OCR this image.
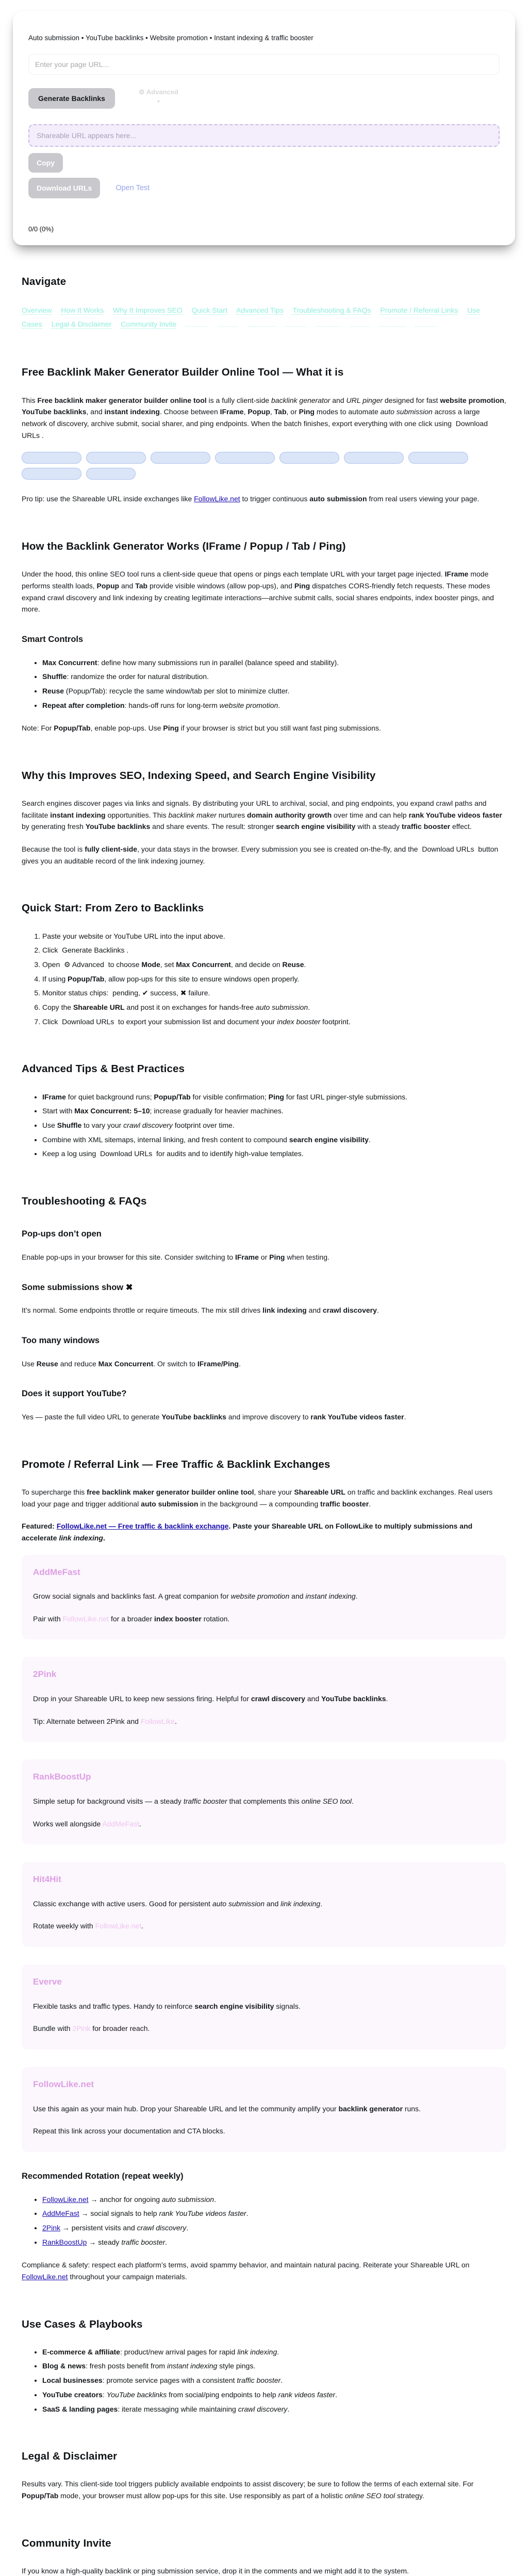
Auto submission • YouTube backlinks • Website promotion • Instant indexing & traffic booster

Enter your page URL...
Generate Backlinks
⚙ Advanced
▼
Shareable URL appears here...
Copy
Download URLs	Open Test
0/0 (0%)
Navigate
Overview How It Works Why It Improves SEO Quick Start Advanced Tips Troubleshooting & FAQs Promote / Referral Links Use Cases Legal & Disclaimer Community Invite
Free Backlink Maker Generator Builder Online Tool — What it is

This Free backlink maker generator builder online tool is a fully client-side backlink generator and URL pinger designed for fast website promotion, YouTube backlinks, and instant indexing. Choose between IFrame, Popup, Tab, or Ping modes to automate auto submission across a large network of discovery, archive submit, social sharer, and ping endpoints. When the batch finishes, export everything with one click using  Download URLs .

Pro tip: use the Shareable URL inside exchanges like FollowLike.net to trigger continuous auto submission from real users viewing your page.

How the Backlink Generator Works (IFrame / Popup / Tab / Ping)

Under the hood, this online SEO tool runs a client-side queue that opens or pings each template URL with your target page injected. IFrame mode performs stealth loads, Popup and Tab provide visible windows (allow pop-ups), and Ping dispatches CORS-friendly fetch requests. These modes expand crawl discovery and link indexing by creating legitimate interactions—archive submit calls, social shares endpoints, index booster pings, and more.

Smart Controls
• Max Concurrent: define how many submissions run in parallel (balance speed and stability).
• Shuffle: randomize the order for natural distribution.
• Reuse (Popup/Tab): recycle the same window/tab per slot to minimize clutter.
• Repeat after completion: hands-off runs for long-term website promotion.

Note: For Popup/Tab, enable pop-ups. Use Ping if your browser is strict but you still want fast ping submissions.

Why this Improves SEO, Indexing Speed, and Search Engine Visibility

Search engines discover pages via links and signals. By distributing your URL to archival, social, and ping endpoints, you expand crawl paths and facilitate instant indexing opportunities. This backlink maker nurtures domain authority growth over time and can help rank YouTube videos faster by generating fresh YouTube backlinks and share events. The result: stronger search engine visibility with a steady traffic booster effect.

Because the tool is fully client-side, your data stays in the browser. Every submission you see is created on-the-fly, and the  Download URLs  button gives you an auditable record of the link indexing journey.

Quick Start: From Zero to Backlinks
1. Paste your website or YouTube URL into the input above.
2. Click  Generate Backlinks .
3. Open  ⚙ Advanced  to choose Mode, set Max Concurrent, and decide on Reuse.
4. If using Popup/Tab, allow pop-ups for this site to ensure windows open properly.
5. Monitor status chips:  pending, ✔ success, ✖ failure.
6. Copy the Shareable URL and post it on exchanges for hands-free auto submission.
7. Click  Download URLs  to export your submission list and document your index booster footprint.
Advanced Tips & Best Practices
• IFrame for quiet background runs; Popup/Tab for visible confirmation; Ping for fast URL pinger-style submissions.
• Start with Max Concurrent: 5–10; increase gradually for heavier machines.
• Use Shuffle to vary your crawl discovery footprint over time.
• Combine with XML sitemaps, internal linking, and fresh content to compound search engine visibility.
• Keep a log using  Download URLs  for audits and to identify high-value templates.
Troubleshooting & FAQs
Pop-ups don’t open

Enable pop-ups in your browser for this site. Consider switching to IFrame or Ping when testing.

Some submissions show ✖

It’s normal. Some endpoints throttle or require timeouts. The mix still drives link indexing and crawl discovery.

Too many windows

Use Reuse and reduce Max Concurrent. Or switch to IFrame/Ping.

Does it support YouTube?

Yes — paste the full video URL to generate YouTube backlinks and improve discovery to rank YouTube videos faster.

Promote / Referral Link — Free Traffic & Backlink Exchanges

To supercharge this free backlink maker generator builder online tool, share your Shareable URL on traffic and backlink exchanges. Real users load your page and trigger additional auto submission in the background — a compounding traffic booster.

Featured: FollowLike.net — Free traffic & backlink exchange. Paste your Shareable URL on FollowLike to multiply submissions and accelerate link indexing.

AddMeFast

Grow social signals and backlinks fast. A great companion for website promotion and instant indexing.

Pair with FollowLike.net for a broader index booster rotation.

2Pink

Drop in your Shareable URL to keep new sessions firing. Helpful for crawl discovery and YouTube backlinks.

Tip: Alternate between 2Pink and FollowLike.

RankBoostUp

Simple setup for background visits — a steady traffic booster that complements this online SEO tool.

Works well alongside AddMeFast.

Hit4Hit

Classic exchange with active users. Good for persistent auto submission and link indexing.

Rotate weekly with FollowLike.net.

Everve

Flexible tasks and traffic types. Handy to reinforce search engine visibility signals.

Bundle with 2Pink for broader reach.

FollowLike.net

Use this again as your main hub. Drop your Shareable URL and let the community amplify your backlink generator runs.

Repeat this link across your documentation and CTA blocks.

Recommended Rotation (repeat weekly)
• FollowLike.net → anchor for ongoing auto submission.
• AddMeFast → social signals to help rank YouTube videos faster.
• 2Pink → persistent visits and crawl discovery.
• RankBoostUp → steady traffic booster.

Compliance & safety: respect each platform’s terms, avoid spammy behavior, and maintain natural pacing. Reiterate your Shareable URL on FollowLike.net throughout your campaign materials.

Use Cases & Playbooks
• E-commerce & affiliate: product/new arrival pages for rapid link indexing.
• Blog & news: fresh posts benefit from instant indexing style pings.
• Local businesses: promote service pages with a consistent traffic booster.
• YouTube creators: YouTube backlinks from social/ping endpoints to help rank videos faster.
• SaaS & landing pages: iterate messaging while maintaining crawl discovery.
Legal & Disclaimer

Results vary. This client-side tool triggers publicly available endpoints to assist discovery; be sure to follow the terms of each external site. For Popup/Tab mode, your browser must allow pop-ups for this site. Use responsibly as part of a holistic online SEO tool strategy.

Community Invite

If you know a high-quality backlink or ping submission service, drop it in the comments and we might add it to the system.
